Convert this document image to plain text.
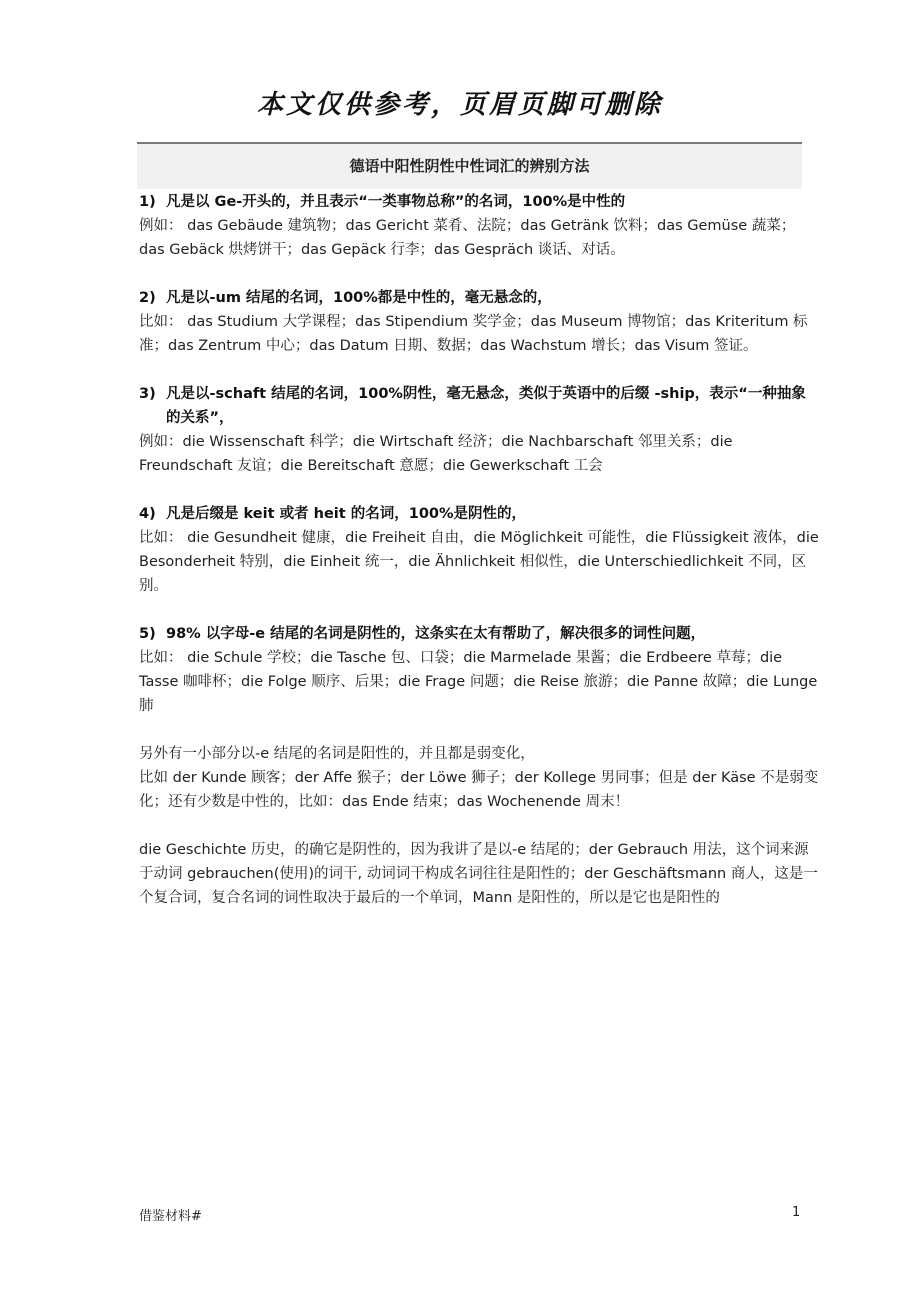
本文仅供参考，页眉页脚可删除
德语中阳性阴性中性词汇的辨别方法
1) 凡是以 Ge-开头的，并且表示“一类事物总称”的名词，100%是中性的

例如： das Gebäude 建筑物；das Gericht 菜肴、法院；das Getränk 饮料；das Gemüse 蔬菜；das Gebäck 烘烤饼干；das Gepäck 行李；das Gespräch 谈话、对话。

2) 凡是以-um 结尾的名词，100%都是中性的，毫无悬念的，

比如： das Studium 大学课程；das Stipendium 奖学金；das Museum 博物馆；das Kriteritum 标准；das Zentrum 中心；das Datum 日期、数据；das Wachstum 增长；das Visum 签证。

3) 凡是以-schaft 结尾的名词，100%阴性，毫无悬念，类似于英语中的后缀 -ship，表示“一种抽象的关系”，

例如：die Wissenschaft 科学；die Wirtschaft 经济；die Nachbarschaft 邻里关系；die Freundschaft 友谊；die Bereitschaft 意愿；die Gewerkschaft 工会

4) 凡是后缀是 keit 或者 heit 的名词，100%是阴性的，

比如： die Gesundheit 健康，die Freiheit 自由，die Möglichkeit 可能性，die Flüssigkeit 液体，die Besonderheit 特别，die Einheit 统一，die Ähnlichkeit 相似性，die Unterschiedlichkeit 不同，区别。

5) 98% 以字母-e 结尾的名词是阴性的，这条实在太有帮助了，解决很多的词性问题，

比如： die Schule 学校；die Tasche 包、口袋；die Marmelade 果酱；die Erdbeere 草莓；die Tasse 咖啡杯；die Folge 顺序、后果；die Frage 问题；die Reise 旅游；die Panne 故障；die Lunge 肺

另外有一小部分以-e 结尾的名词是阳性的，并且都是弱变化，

比如 der Kunde 顾客；der Affe 猴子；der Löwe 狮子；der Kollege 男同事；但是 der Käse 不是弱变化；还有少数是中性的，比如：das Ende 结束；das Wochenende 周末！

die Geschichte 历史，的确它是阴性的，因为我讲了是以-e 结尾的；der Gebrauch 用法，这个词来源于动词 gebrauchen(使用)的词干, 动词词干构成名词往往是阳性的；der Geschäftsmann 商人，这是一个复合词，复合名词的词性取决于最后的一个单词，Mann 是阳性的，所以是它也是阳性的

借鉴材料#	1
